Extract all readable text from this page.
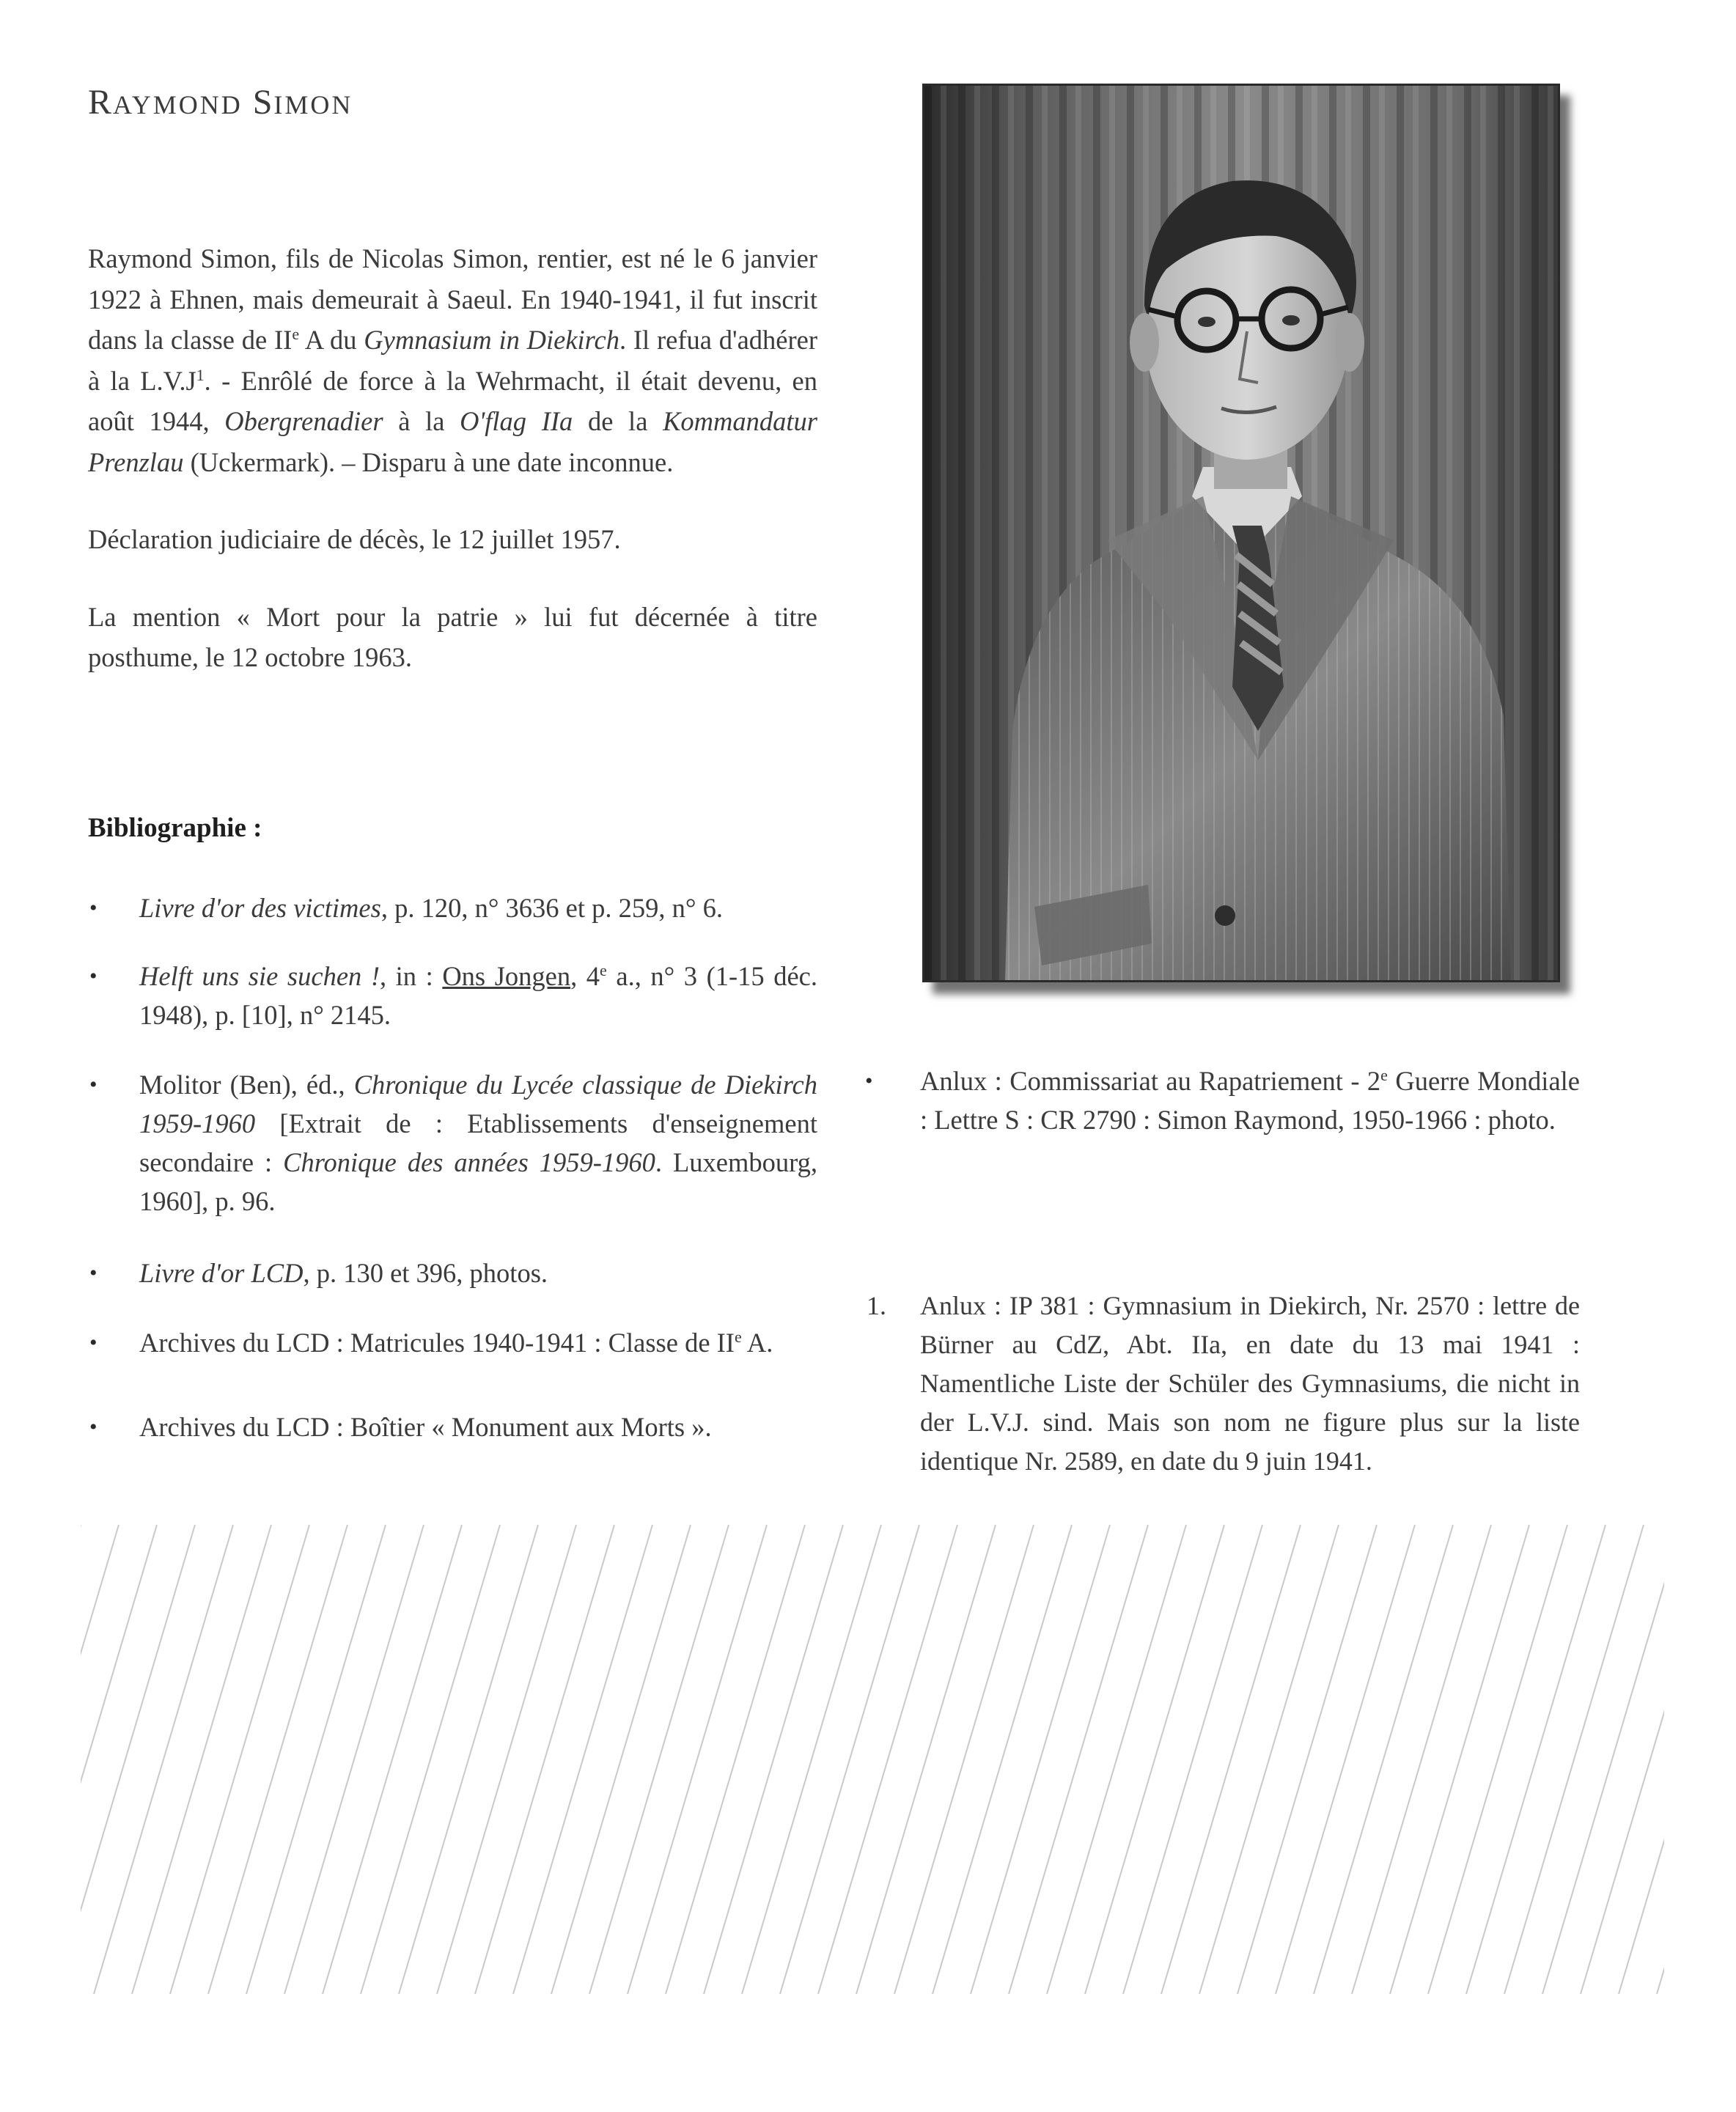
RAYMOND SIMON

Raymond Simon, fils de Nicolas Simon, rentier, est né le 6 janvier 1922 à Ehnen, mais demeurait à Saeul. En 1940-1941, il fut inscrit dans la classe de IIe A du Gymnasium in Diekirch. Il refua d'adhérer à la $L.V.J^1$. - Enrôlé de force à la Wehrmacht, il était devenu, en août 1944, Obergrenadier à la O'flag IIa de la Kommandatur Prenzlau (Uckermark). – Disparu à une date inconnue.

Déclaration judiciaire de décès, le 12 juillet 1957.

La mention « Mort pour la patrie » lui fut décernée à titre posthume, le 12 octobre 1963.

Bibliographie :
• Livre d'or des victimes, p. 120, n° 3636 et p. 259, n° 6.
• Helft uns sie suchen !, in : Ons Jongen, 4e a., n° 3 (1-15 déc. 1948), p. [10], n° 2145.
• Molitor (Ben), éd., Chronique du Lycée classique de Diekirch 1959-1960 [Extrait de : Etablissements d'enseignement secondaire : Chronique des années 1959-1960. Luxembourg, 1960], p. 96.
• Livre d'or LCD, p. 130 et 396, photos.
• Archives du LCD : Matricules 1940-1941 : Classe de IIe A.
• Archives du LCD : Boîtier « Monument aux Morts ».
• Anlux : Commissariat au Rapatriement - 2e Guerre Mondiale : Lettre S : CR 2790 : Simon Raymond, 1950-1966 : photo.
1. Anlux : IP 381 : Gymnasium in Diekirch, Nr. 2570 : lettre de Bürner au CdZ, Abt. IIa, en date du 13 mai 1941 : Namentliche Liste der Schüler des Gymnasiums, die nicht in der L.V.J. sind. Mais son nom ne figure plus sur la liste identique Nr. 2589, en date du 9 juin 1941.
